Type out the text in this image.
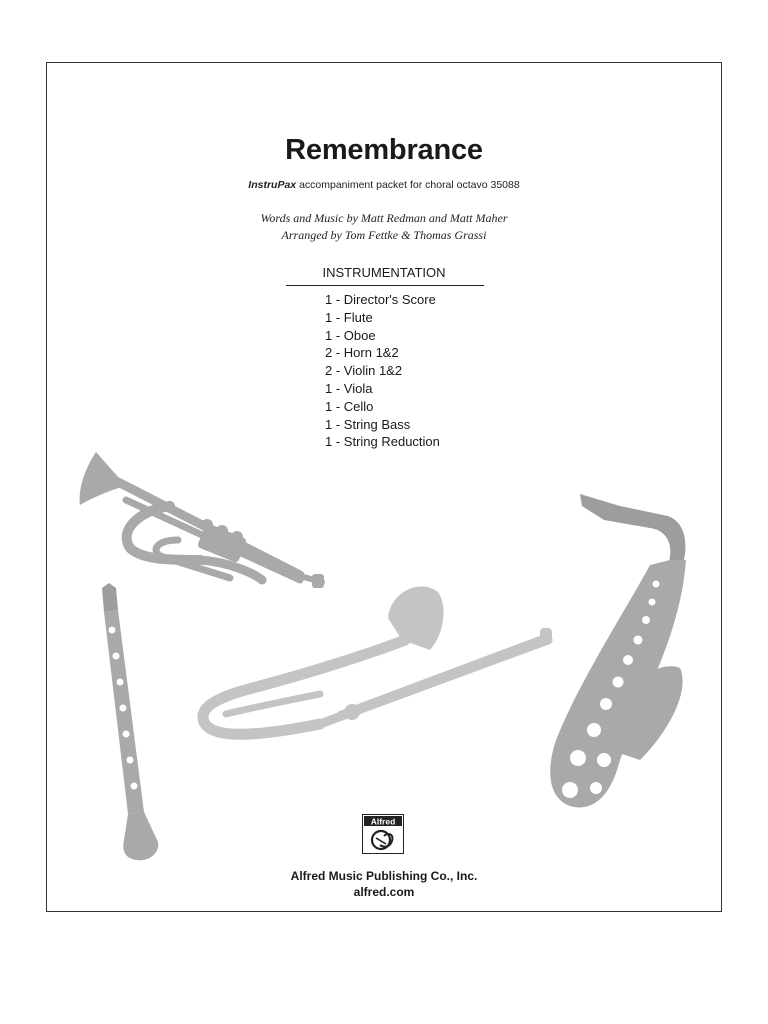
Remembrance
InstruPax accompaniment packet for choral octavo 35088
Words and Music by Matt Redman and Matt Maher
Arranged by Tom Fettke & Thomas Grassi
INSTRUMENTATION
1 - Director's Score
1 - Flute
1 - Oboe
2 - Horn 1&2
2 - Violin 1&2
1 - Viola
1 - Cello
1 - String Bass
1 - String Reduction
Alfred
Alfred Music Publishing Co., Inc.
alfred.com
